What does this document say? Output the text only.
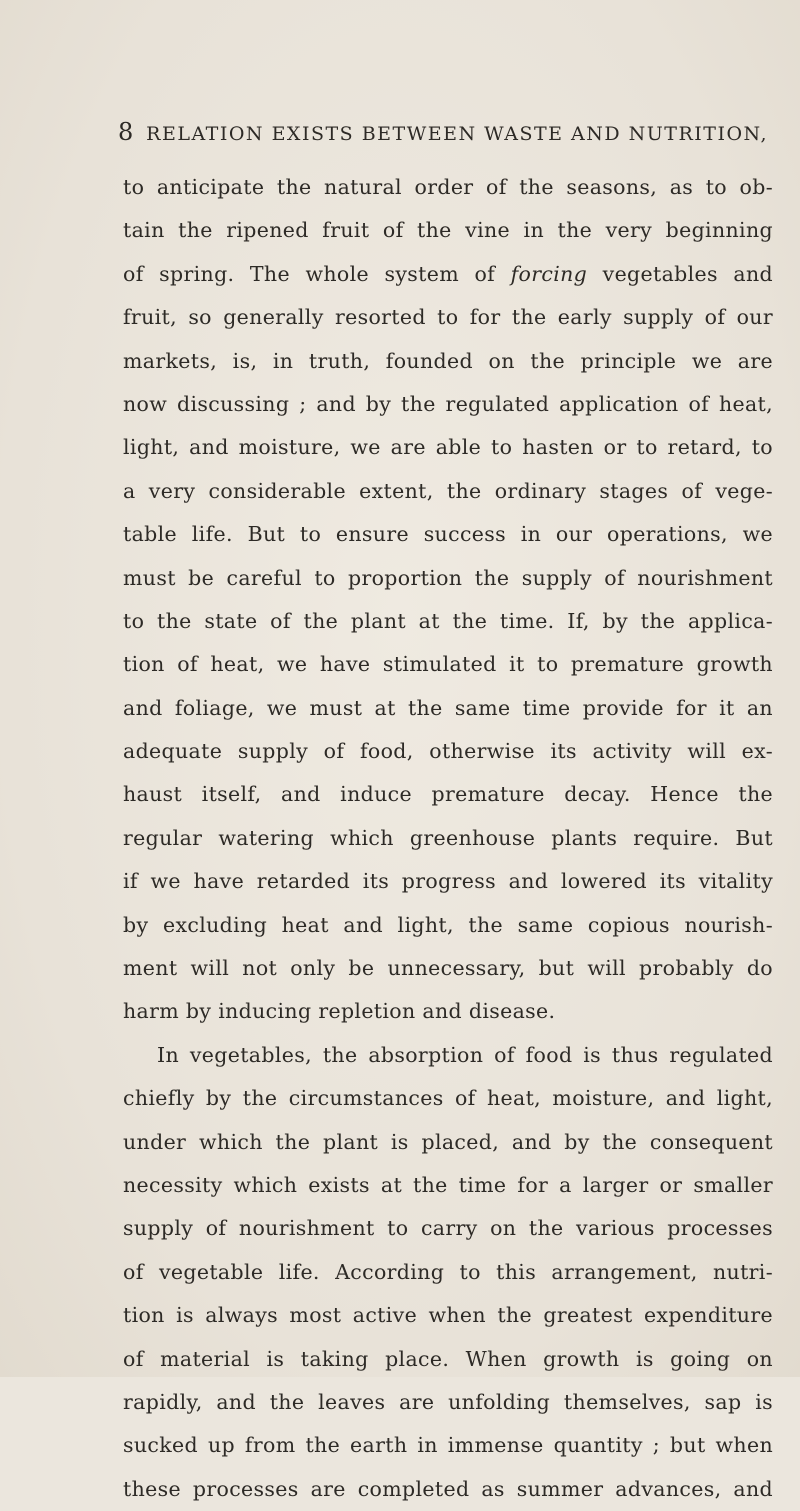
8 RELATION EXISTS BETWEEN WASTE AND NUTRITION,
to anticipate the natural order of the seasons, as to ob-
tain the ripened fruit of the vine in the very beginning
of spring. The whole system of forcing vegetables and
fruit, so generally resorted to for the early supply of our
markets, is, in truth, founded on the principle we are
now discussing ; and by the regulated application of heat,
light, and moisture, we are able to hasten or to retard, to
a very considerable extent, the ordinary stages of vege-
table life. But to ensure success in our operations, we
must be careful to proportion the supply of nourishment
to the state of the plant at the time. If, by the applica-
tion of heat, we have stimulated it to premature growth
and foliage, we must at the same time provide for it an
adequate supply of food, otherwise its activity will ex-
haust itself, and induce premature decay. Hence the
regular watering which greenhouse plants require. But
if we have retarded its progress and lowered its vitality
by excluding heat and light, the same copious nourish-
ment will not only be unnecessary, but will probably do
harm by inducing repletion and disease.
In vegetables, the absorption of food is thus regulated
chiefly by the circumstances of heat, moisture, and light,
under which the plant is placed, and by the consequent
necessity which exists at the time for a larger or smaller
supply of nourishment to carry on the various processes
of vegetable life. According to this arrangement, nutri-
tion is always most active when the greatest expenditure
of material is taking place. When growth is going on
rapidly, and the leaves are unfolding themselves, sap is
sucked up from the earth in immense quantity ; but when
these processes are completed as summer advances, and
